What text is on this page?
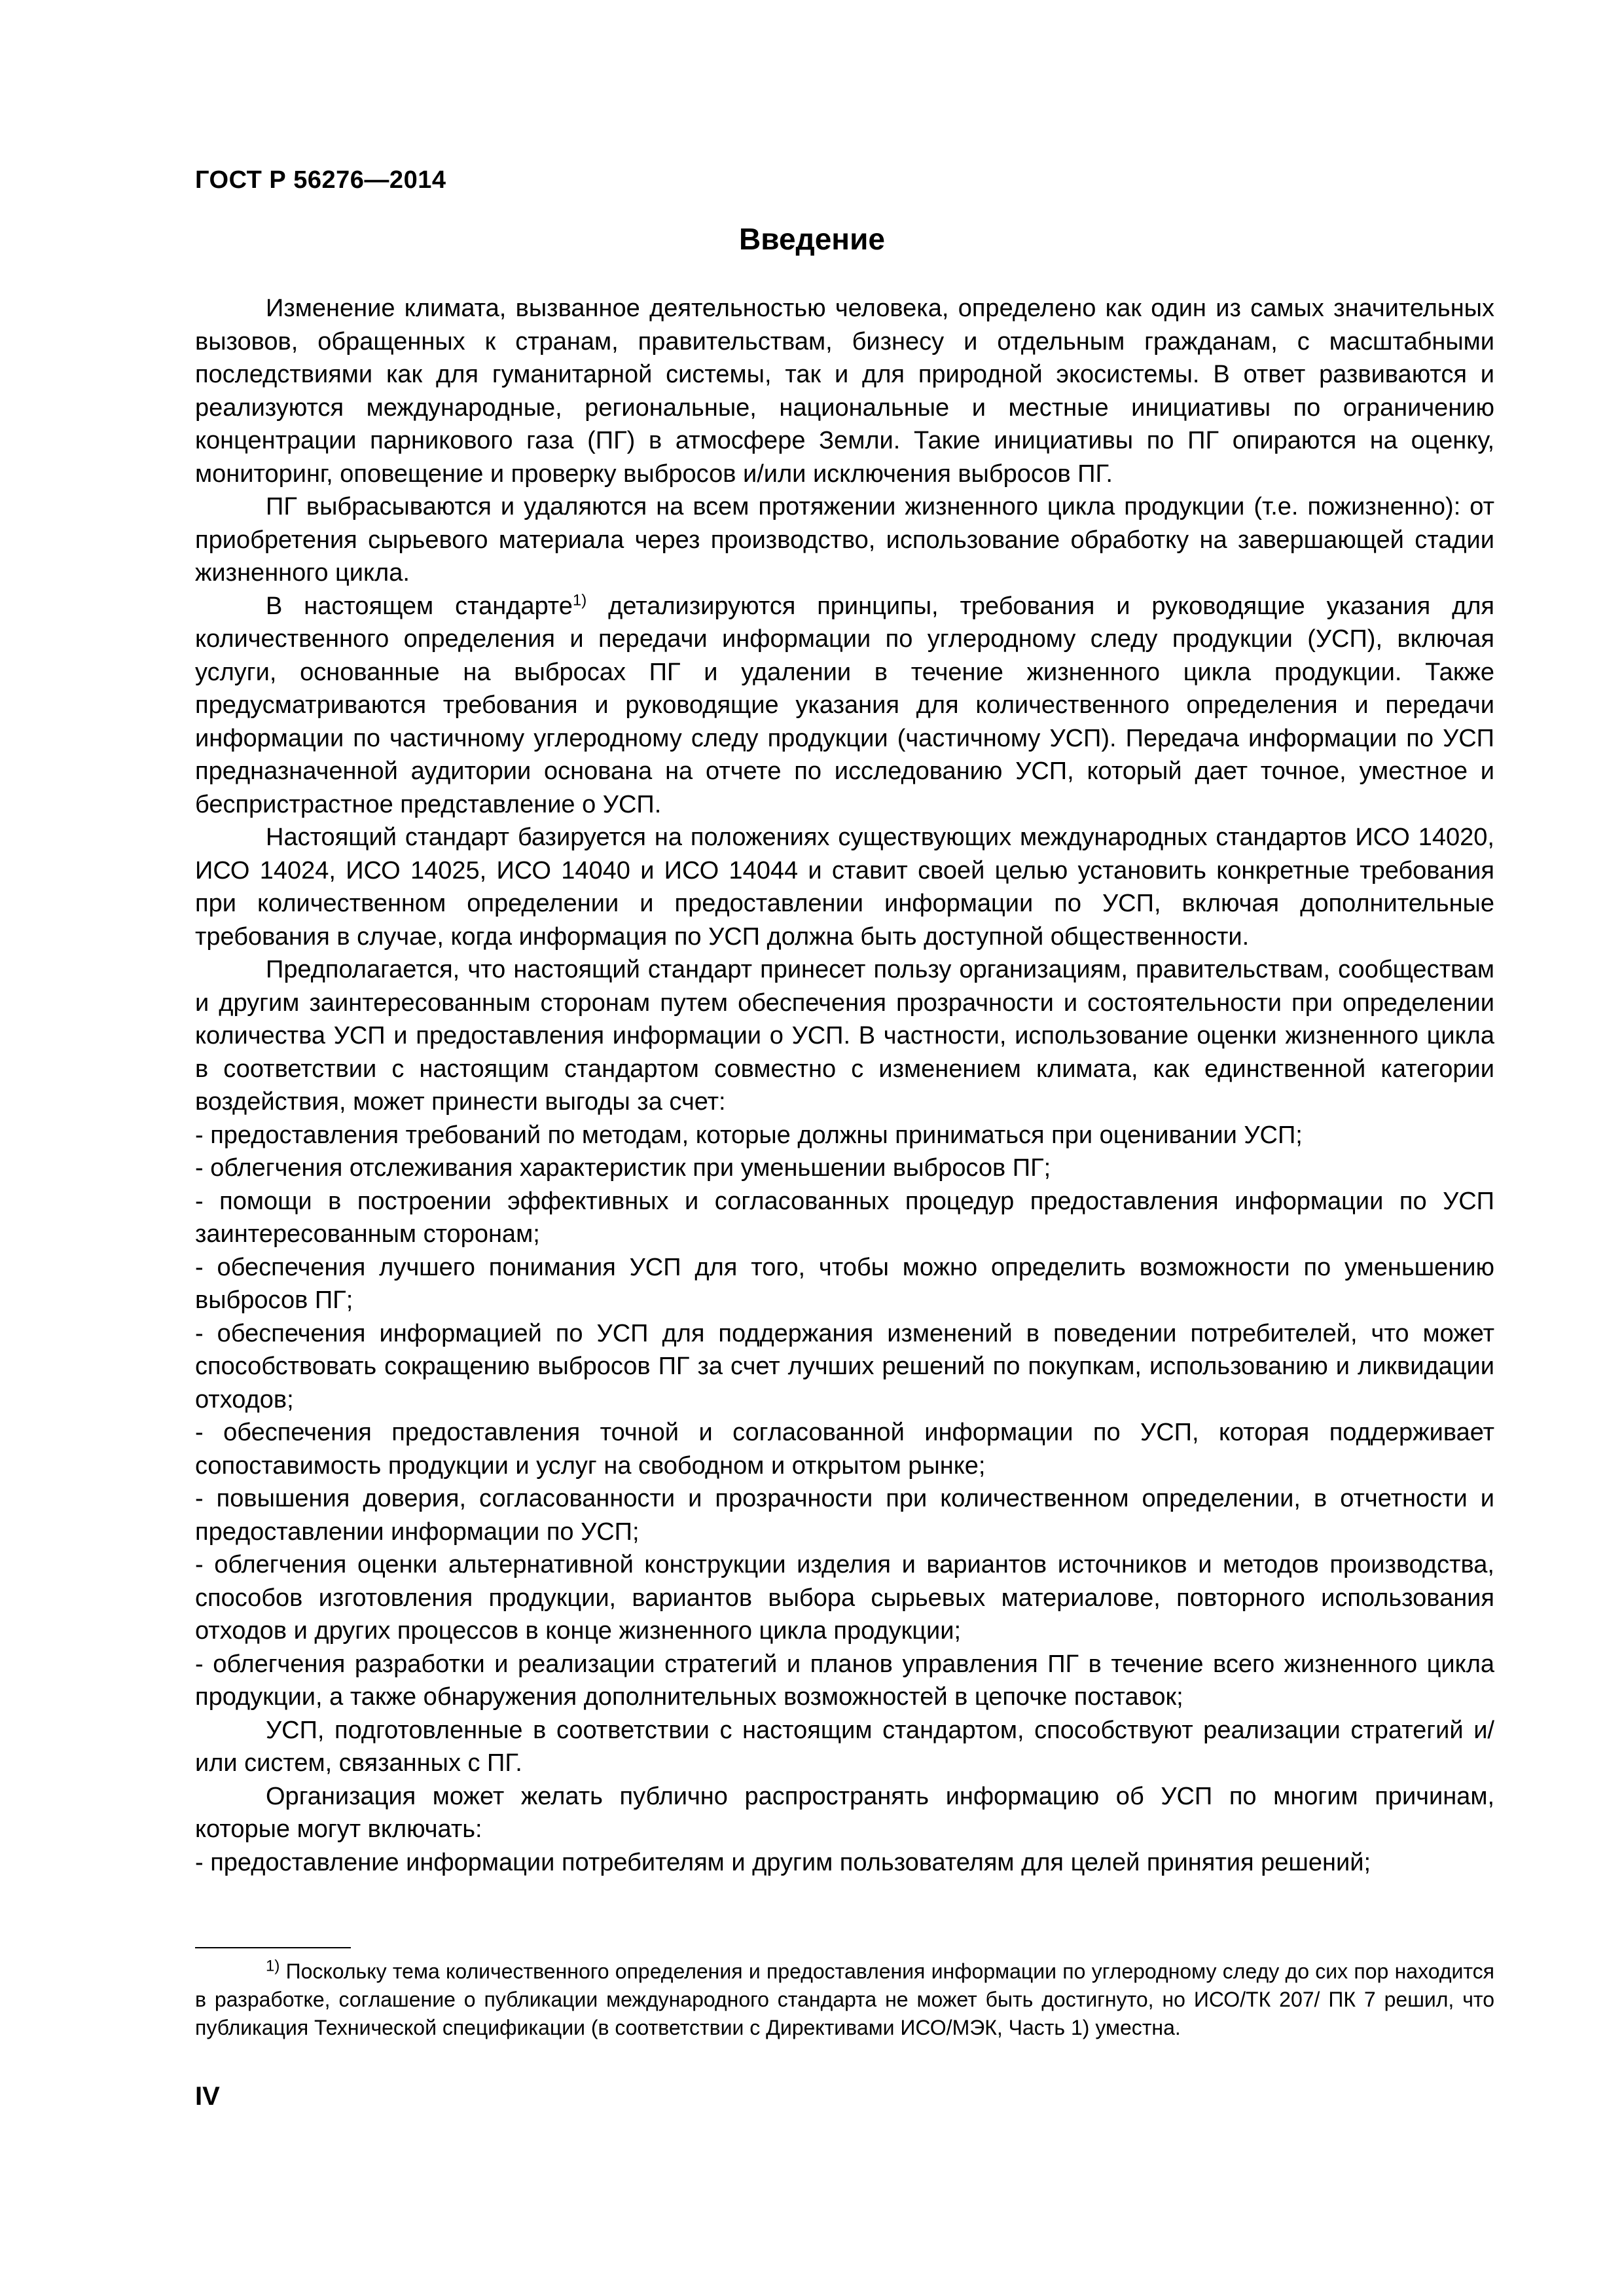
ГОСТ Р 56276—2014
Введение

Изменение климата, вызванное деятельностью человека, определено как один из самых значительных вызовов, обращенных к странам, правительствам, бизнесу и отдельным гражданам, с масштабными последствиями как для гуманитарной системы, так и для природной экосистемы. В ответ развиваются и реализуются международные, региональные, национальные и местные инициативы по ограничению концентрации парникового газа (ПГ) в атмосфере Земли. Такие инициативы по ПГ опираются на оценку, мониторинг, оповещение и проверку выбросов и/или исключения выбросов ПГ.

ПГ выбрасываются и удаляются на всем протяжении жизненного цикла продукции (т.е. пожизненно): от приобретения сырьевого материала через производство, использование обработку на завершающей стадии жизненного цикла.

В настоящем стандарте$^{1)}$ детализируются принципы, требования и руководящие указания для количественного определения и передачи информации по углеродному следу продукции (УСП), включая услуги, основанные на выбросах ПГ и удалении в течение жизненного цикла продукции. Также предусматриваются требования и руководящие указания для количественного определения и передачи информации по частичному углеродному следу продукции (частичному УСП). Передача информации по УСП предназначенной аудитории основана на отчете по исследованию УСП, который дает точное, уместное и беспристрастное представление о УСП.

Настоящий стандарт базируется на положениях существующих международных стандартов ИСО 14020, ИСО 14024, ИСО 14025, ИСО 14040 и ИСО 14044 и ставит своей целью установить конкретные требования при количественном определении и предоставлении информации по УСП, включая дополнительные требования в случае, когда информация по УСП должна быть доступной общественности.

Предполагается, что настоящий стандарт принесет пользу организациям, правительствам, сообществам и другим заинтересованным сторонам путем обеспечения прозрачности и состоятельности при определении количества УСП и предоставления информации о УСП. В частности, использование оценки жизненного цикла в соответствии с настоящим стандартом совместно с изменением климата, как единственной категории воздействия, может принести выгоды за счет:

- предоставления требований по методам, которые должны приниматься при оценивании УСП;

- облегчения отслеживания характеристик при уменьшении выбросов ПГ;

- помощи в построении эффективных и согласованных процедур предоставления информации по УСП заинтересованным сторонам;

- обеспечения лучшего понимания УСП для того, чтобы можно определить возможности по уменьшению выбросов ПГ;

- обеспечения информацией по УСП для поддержания изменений в поведении потребителей, что может способствовать сокращению выбросов ПГ за счет лучших решений по покупкам, использованию и ликвидации отходов;

- обеспечения предоставления точной и согласованной информации по УСП, которая поддерживает сопоставимость продукции и услуг на свободном и открытом рынке;

- повышения доверия, согласованности и прозрачности при количественном определении, в отчетности и предоставлении информации по УСП;

- облегчения оценки альтернативной конструкции изделия и вариантов источников и методов производства, способов изготовления продукции, вариантов выбора сырьевых материалове, повторного использования отходов и других процессов в конце жизненного цикла продукции;

- облегчения разработки и реализации стратегий и планов управления ПГ в течение всего жизненного цикла продукции, а также обнаружения дополнительных возможностей в цепочке поставок;

УСП, подготовленные в соответствии с настоящим стандартом, способствуют реализации стратегий и/или систем, связанных с ПГ.

Организация может желать публично распространять информацию об УСП по многим причинам, которые могут включать:

- предоставление информации потребителям и другим пользователям для целей принятия решений;

$^{1)}$ Поскольку тема количественного определения и предоставления информации по углеродному следу до сих пор находится в разработке, соглашение о публикации международного стандарта не может быть достигнуто, но ИСО/ТК 207/ ПК 7 решил, что публикация Технической спецификации (в соответствии с Директивами ИСО/МЭК, Часть 1) уместна.

IV
